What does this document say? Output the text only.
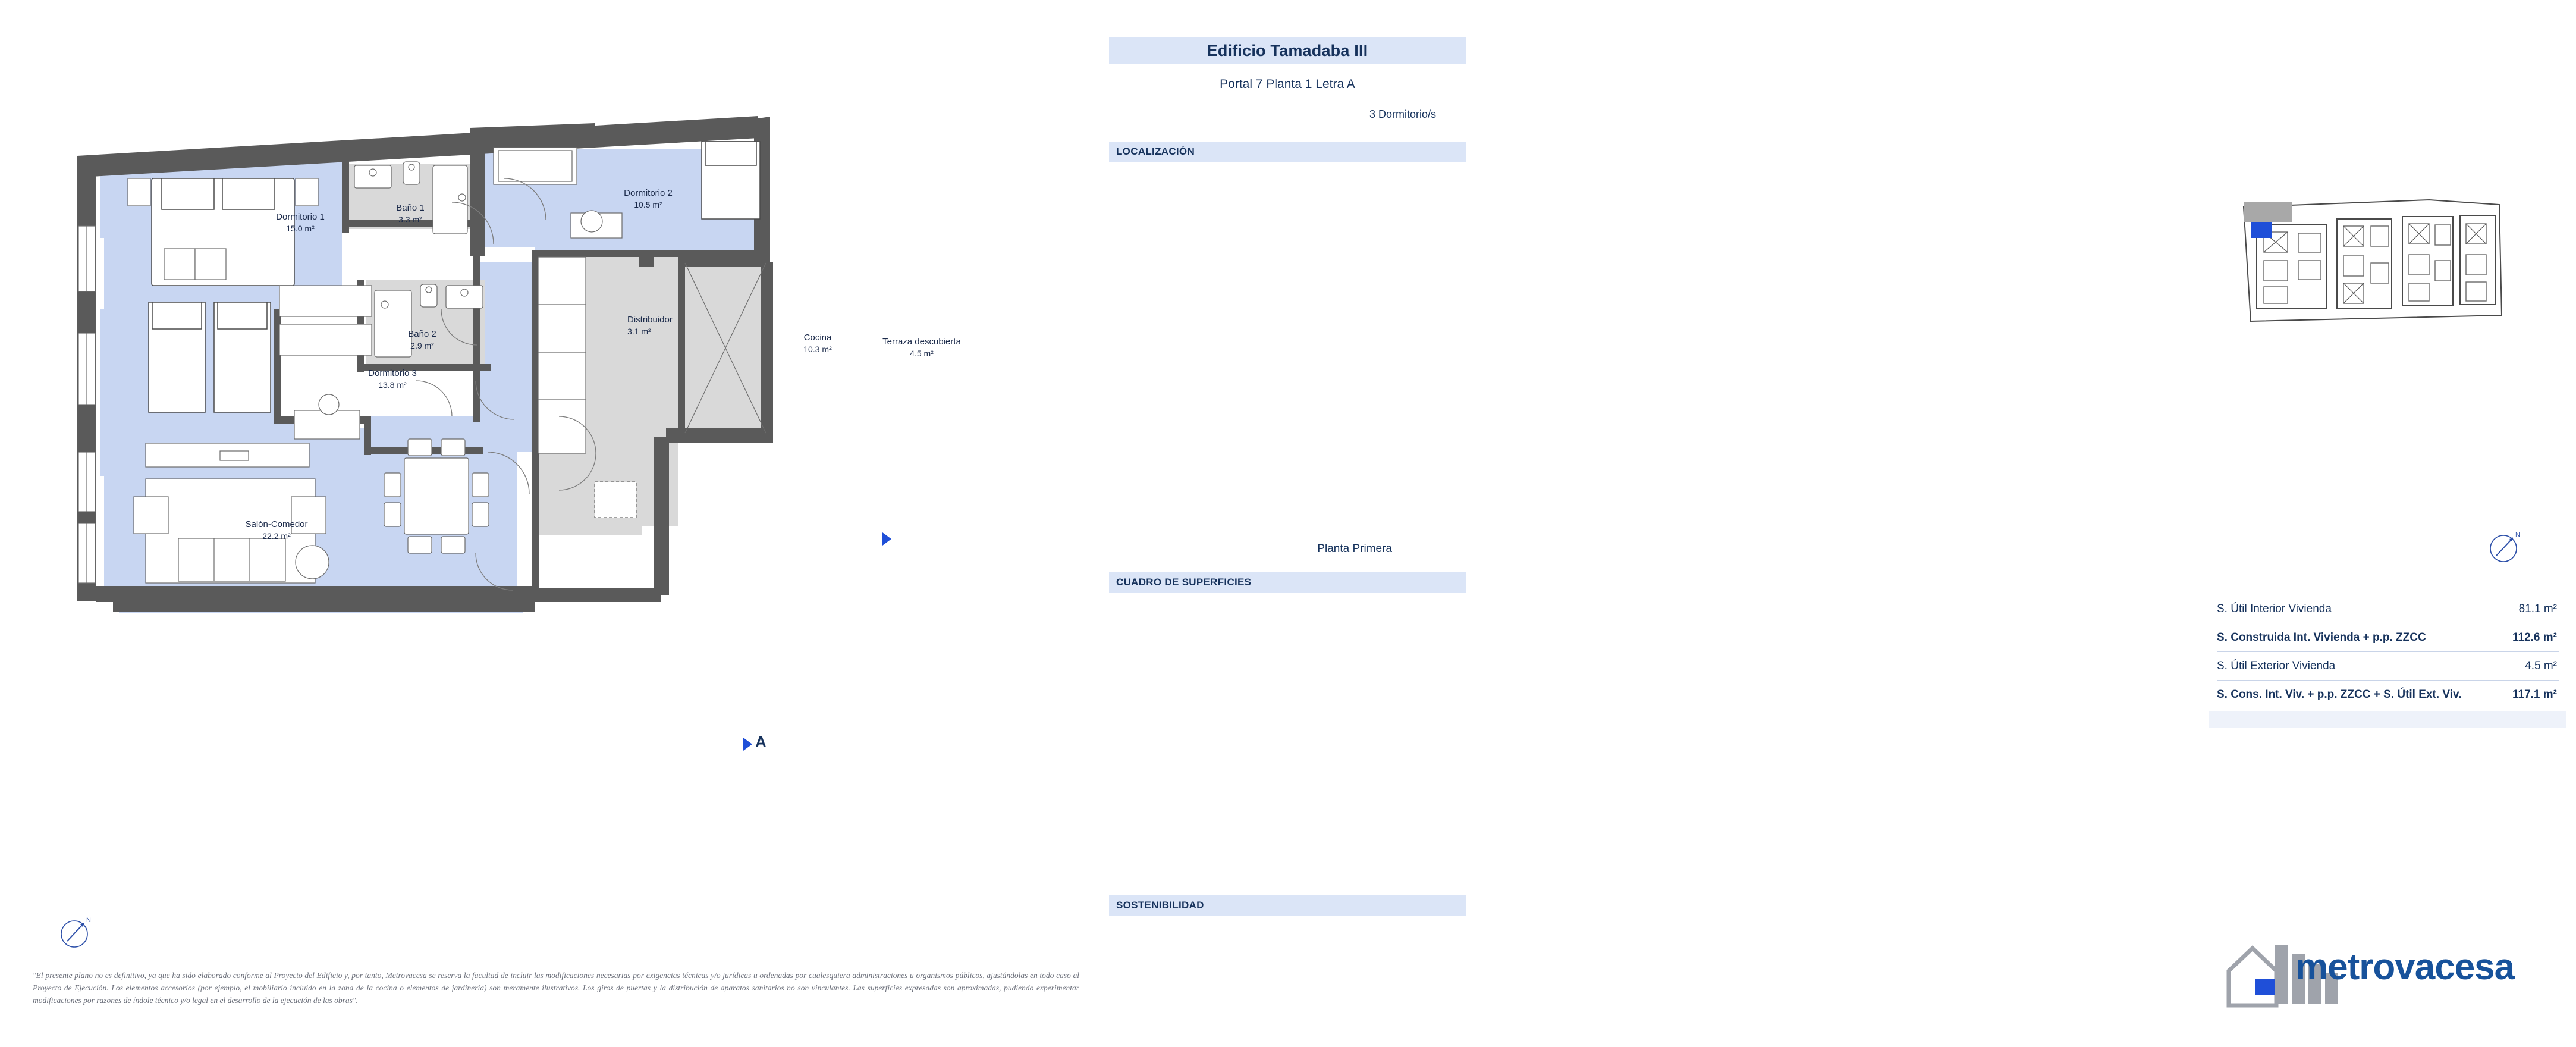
Dormitorio 1
15.0 m²
Baño 1
3.3 m²
Dormitorio 2
10.5 m²
Baño 2
2.9 m²
Distribuidor
3.1 m²
Dormitorio 3
13.8 m²
Cocina
10.3 m²
Terraza descubierta
4.5 m²
Salón-Comedor
22.2 m²
A
N
"El presente plano no es definitivo, ya que ha sido elaborado conforme al Proyecto del Edificio y, por tanto, Metrovacesa se reserva la facultad de incluir las modificaciones necesarias por exigencias técnicas y/o jurídicas u ordenadas por cualesquiera administraciones u organismos públicos, ajustándolas en todo caso al Proyecto de Ejecución. Los elementos accesorios (por ejemplo, el mobiliario incluido en la zona de la cocina o elementos de jardinería) son meramente ilustrativos. Los giros de puertas y la distribución de aparatos sanitarios no son vinculantes. Las superficies expresadas son aproximadas, pudiendo experimentar modificaciones por razones de índole técnico y/o legal en el desarrollo de la ejecución de las obras".
Edificio Tamadaba III
Portal 7 Planta 1 Letra A
3 Dormitorio/s
LOCALIZACIÓN
Planta Primera
N
CUADRO DE SUPERFICIES
S. Útil Interior Vivienda	81.1 m²
S. Construida Int. Vivienda + p.p. ZZCC	112.6 m²
S. Útil Exterior Vivienda	4.5 m²
S. Cons. Int. Viv. + p.p. ZZCC + S. Útil Ext. Viv.	117.1 m²
SOSTENIBILIDAD
D metrovacesa
